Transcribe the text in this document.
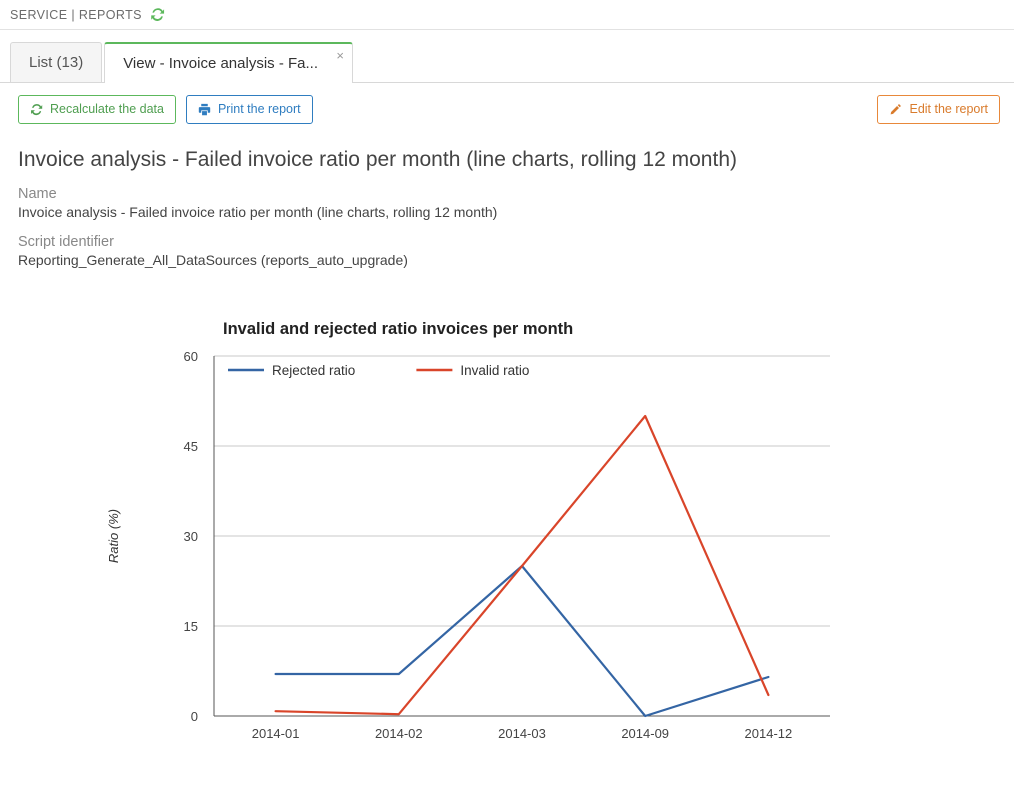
SERVICE | REPORTS
List (13)	View - Invoice analysis - Fa... ×
Recalculate the data	Print the report	Edit the report
Invoice analysis - Failed invoice ratio per month (line charts, rolling 12 month)
Name
Invoice analysis - Failed invoice ratio per month (line charts, rolling 12 month)
Script identifier
Reporting_Generate_All_DataSources (reports_auto_upgrade)
Invalid and rejected ratio invoices per month
0
15
30
45
60
Ratio (%)
2014-01	2014-02	2014-03	2014-09	2014-12
Rejected ratio	Invalid ratio
